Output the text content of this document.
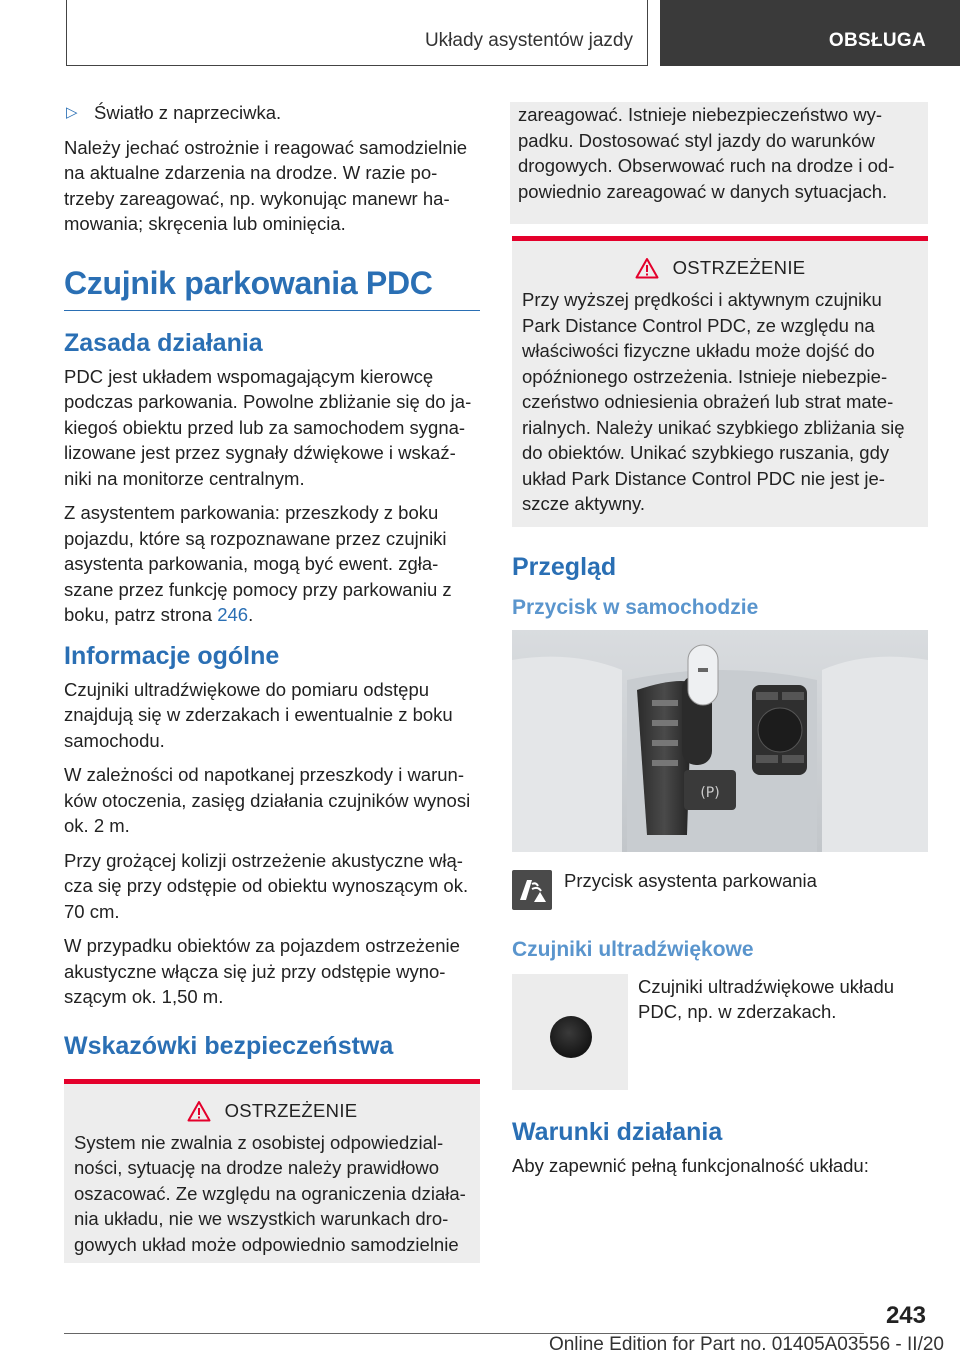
Układy asystentów jazdy	OBSŁUGA
▷ Światło z naprzeciwka.

Należy jechać ostrożnie i reagować samodzielnie na aktualne zdarzenia na drodze. W razie po-trzeby zareagować, np. wykonując manewr ha-mowania; skręcenia lub ominięcia.

Czujnik parkowania PDC
Zasada działania

PDC jest układem wspomagającym kierowcę podczas parkowania. Powolne zbliżanie się do ja-kiegoś obiektu przed lub za samochodem sygna-lizowane jest przez sygnały dźwiękowe i wskaź-niki na monitorze centralnym.

Z asystentem parkowania: przeszkody z boku pojazdu, które są rozpoznawane przez czujniki asystenta parkowania, mogą być ewent. zgła-szane przez funkcję pomocy przy parkowaniu z boku, patrz strona 246.

Informacje ogólne

Czujniki ultradźwiękowe do pomiaru odstępu znajdują się w zderzakach i ewentualnie z boku samochodu.

W zależności od napotkanej przeszkody i warun-ków otoczenia, zasięg działania czujników wynosi ok. 2 m.

Przy grożącej kolizji ostrzeżenie akustyczne włą-cza się przy odstępie od obiektu wynoszącym ok. 70 cm.

W przypadku obiektów za pojazdem ostrzeżenie akustyczne włącza się już przy odstępie wyno-szącym ok. 1,50 m.

Wskazówki bezpieczeństwa
OSTRZEŻENIE

System nie zwalnia z osobistej odpowiedzial-ności, sytuację na drodze należy prawidłowo oszacować. Ze względu na ograniczenia działa-nia układu, nie we wszystkich warunkach dro-gowych układ może odpowiednio samodzielnie

zareagować. Istnieje niebezpieczeństwo wy-padku. Dostosować styl jazdy do warunków drogowych. Obserwować ruch na drodze i od-powiednio zareagować w danych sytuacjach.

OSTRZEŻENIE

Przy wyższej prędkości i aktywnym czujniku Park Distance Control PDC, ze względu na właściwości fizyczne układu może dojść do opóźnionego ostrzeżenia. Istnieje niebezpie-czeństwo odniesienia obrażeń lub strat mate-rialnych. Należy unikać szybkiego zbliżania się do obiektów. Unikać szybkiego ruszania, gdy układ Park Distance Control PDC nie jest je-szcze aktywny.

Przegląd
Przycisk w samochodzie
(P)
Przycisk asystenta parkowania
Czujniki ultradźwiękowe
Czujniki ultradźwiękowe układu PDC, np. w zderzakach.
Warunki działania

Aby zapewnić pełną funkcjonalność układu:

243
Online Edition for Part no. 01405A03556 - II/20
